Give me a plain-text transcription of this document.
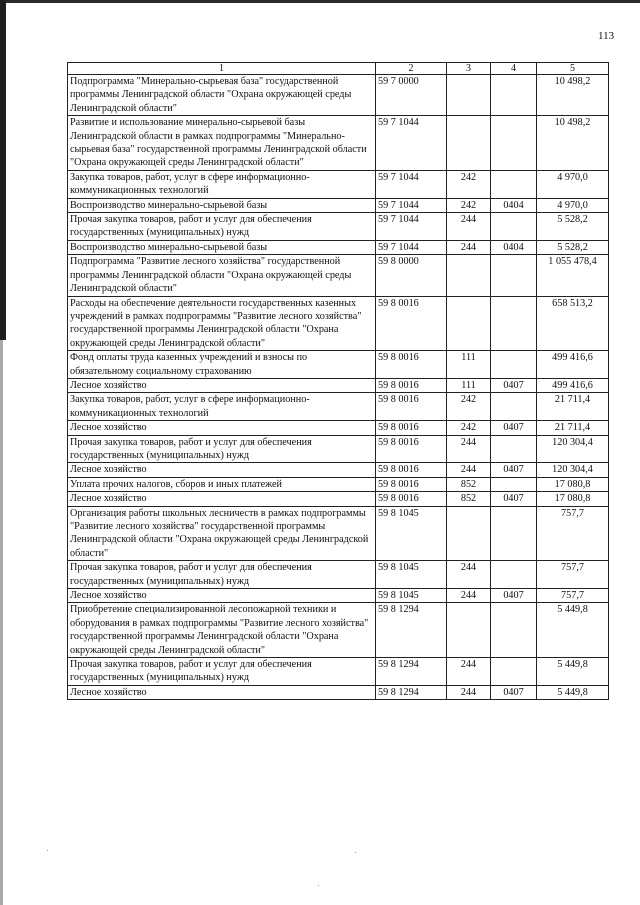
113
1	2	3	4	5
Подпрограмма "Минерально-сырьевая база" государственной программы Ленинградской области "Охрана окружающей среды Ленинградской области"	59 7 0000			10 498,2
Развитие и использование минерально-сырьевой базы Ленинградской области в рамках подпрограммы "Минерально-сырьевая база" государственной программы Ленинградской области "Охрана окружающей среды Ленинградской области"	59 7 1044			10 498,2
Закупка товаров, работ, услуг в сфере информационно-коммуникационных технологий	59 7 1044	242		4 970,0
Воспроизводство минерально-сырьевой базы	59 7 1044	242	0404	4 970,0
Прочая закупка товаров, работ и услуг для обеспечения государственных (муниципальных) нужд	59 7 1044	244		5 528,2
Воспроизводство минерально-сырьевой базы	59 7 1044	244	0404	5 528,2
Подпрограмма "Развитие лесного хозяйства" государственной программы Ленинградской области "Охрана окружающей среды Ленинградской области"	59 8 0000			1 055 478,4
Расходы на обеспечение деятельности государственных казенных учреждений в рамках подпрограммы "Развитие лесного хозяйства" государственной программы Ленинградской области "Охрана окружающей среды Ленинградской области"	59 8 0016			658 513,2
Фонд оплаты труда казенных учреждений и взносы по обязательному социальному страхованию	59 8 0016	111		499 416,6
Лесное хозяйство	59 8 0016	111	0407	499 416,6
Закупка товаров, работ, услуг в сфере информационно-коммуникационных технологий	59 8 0016	242		21 711,4
Лесное хозяйство	59 8 0016	242	0407	21 711,4
Прочая закупка товаров, работ и услуг для обеспечения государственных (муниципальных) нужд	59 8 0016	244		120 304,4
Лесное хозяйство	59 8 0016	244	0407	120 304,4
Уплата прочих налогов, сборов и иных платежей	59 8 0016	852		17 080,8
Лесное хозяйство	59 8 0016	852	0407	17 080,8
Организация работы школьных лесничеств в рамках подпрограммы "Развитие лесного хозяйства" государственной программы Ленинградской области "Охрана окружающей среды Ленинградской области"	59 8 1045			757,7
Прочая закупка товаров, работ и услуг для обеспечения государственных (муниципальных) нужд	59 8 1045	244		757,7
Лесное хозяйство	59 8 1045	244	0407	757,7
Приобретение специализированной лесопожарной техники и оборудования в рамках подпрограммы "Развитие лесного хозяйства" государственной программы Ленинградской области "Охрана окружающей среды Ленинградской области"	59 8 1294			5 449,8
Прочая закупка товаров, работ и услуг для обеспечения государственных (муниципальных) нужд	59 8 1294	244		5 449,8
Лесное хозяйство	59 8 1294	244	0407	5 449,8
